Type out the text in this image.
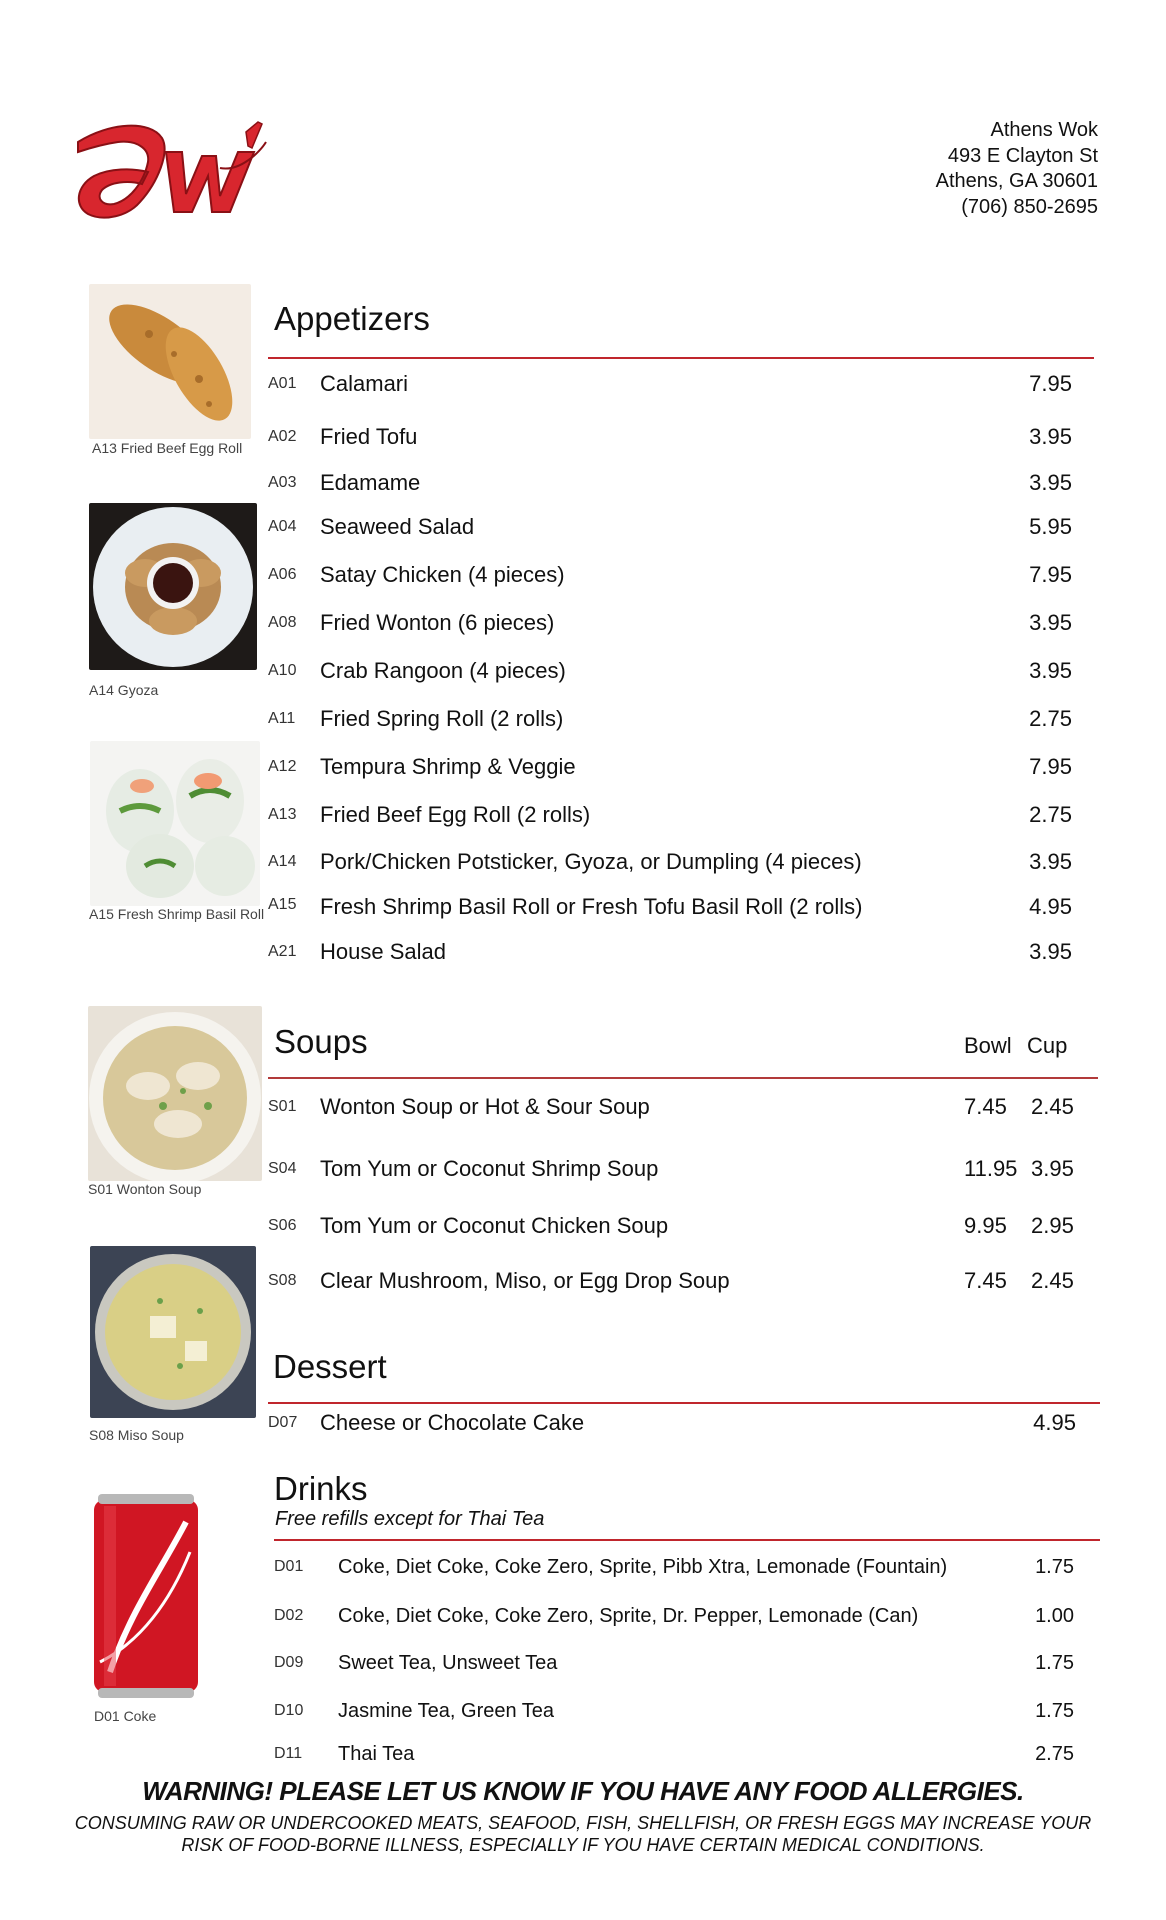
Athens Wok
493 E Clayton St
Athens, GA 30601
(706) 850-2695
A13 Fried Beef Egg Roll
A14 Gyoza
A15 Fresh Shrimp Basil Roll
S01 Wonton Soup
S08 Miso Soup
D01 Coke
Appetizers
A01 Calamari	7.95
A02 Fried Tofu	3.95
A03 Edamame	3.95
A04 Seaweed Salad	5.95
A06 Satay Chicken (4 pieces)	7.95
A08 Fried Wonton (6 pieces)	3.95
A10 Crab Rangoon (4 pieces)	3.95
A11 Fried Spring Roll (2 rolls)	2.75
A12 Tempura Shrimp & Veggie	7.95
A13 Fried Beef Egg Roll (2 rolls)	2.75
A14 Pork/Chicken Potsticker, Gyoza, or Dumpling (4 pieces)	3.95
A15 Fresh Shrimp Basil Roll or Fresh Tofu Basil Roll (2 rolls)	4.95
A21 House Salad	3.95
Soups	Bowl Cup
S01 Wonton Soup or Hot & Sour Soup	7.45 2.45
S04 Tom Yum or Coconut Shrimp Soup	11.95 3.95
S06 Tom Yum or Coconut Chicken Soup	9.95 2.95
S08 Clear Mushroom, Miso, or Egg Drop Soup	7.45 2.45
Dessert
D07 Cheese or Chocolate Cake	4.95
Drinks
Free refills except for Thai Tea
D01 Coke, Diet Coke, Coke Zero, Sprite, Pibb Xtra, Lemonade (Fountain)	1.75
D02 Coke, Diet Coke, Coke Zero, Sprite, Dr. Pepper, Lemonade (Can)	1.00
D09 Sweet Tea, Unsweet Tea	1.75
D10 Jasmine Tea, Green Tea	1.75
D11 Thai Tea	2.75
WARNING! PLEASE LET US KNOW IF YOU HAVE ANY FOOD ALLERGIES.
CONSUMING RAW OR UNDERCOOKED MEATS, SEAFOOD, FISH, SHELLFISH, OR FRESH EGGS MAY INCREASE YOUR
RISK OF FOOD-BORNE ILLNESS, ESPECIALLY IF YOU HAVE CERTAIN MEDICAL CONDITIONS.
